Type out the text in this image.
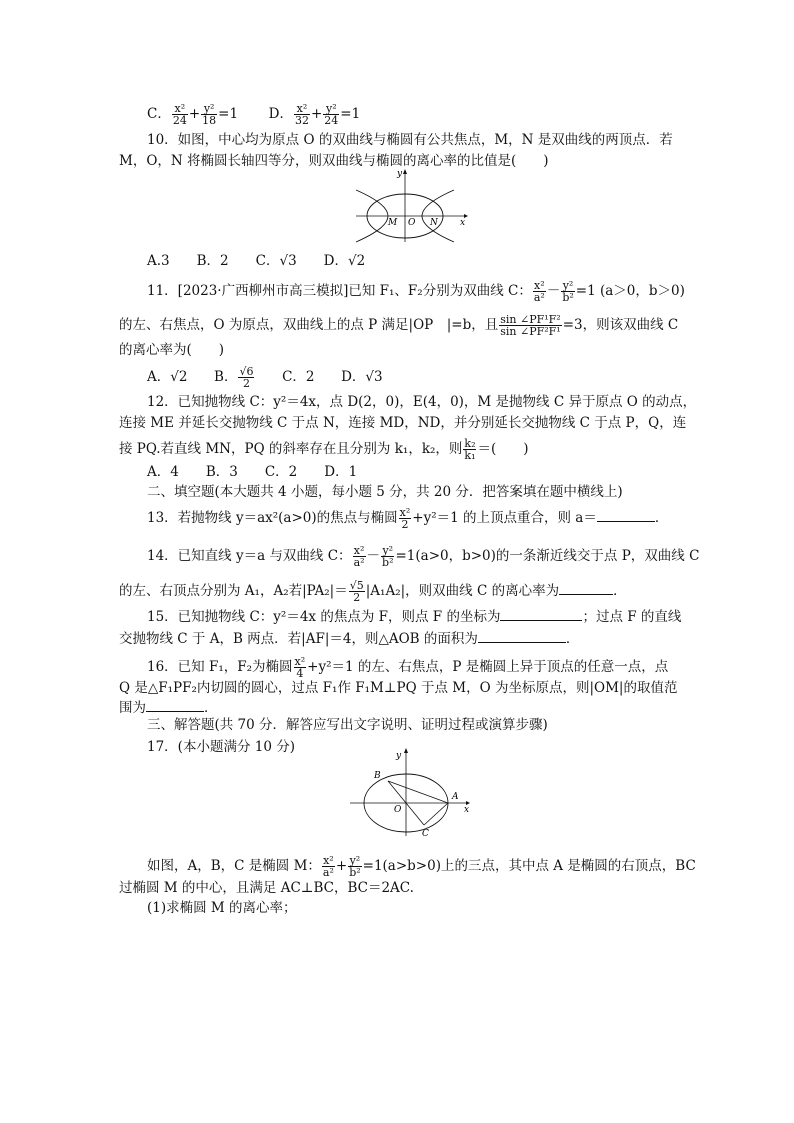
C． $\frac{\text{x²}}{24} + \frac{\text{y²}}{18} =1$ D． $\frac{\text{x²}}{32} + \frac{\text{y²}}{24} =1$
10．如图，中心均为原点 O 的双曲线与椭圆有公共焦点，M，N 是双曲线的两顶点．若
M，O，N 将椭圆长轴四等分，则双曲线与椭圆的离心率的比值是(　　)
y
x
M O N
A.3　　B．2　　C．√3　　D．√2
11．[2023·广西柳州市高三模拟]已知 F₁、F₂分别为双曲线 C： $\frac{\text{x²}}{\text{a²}} - \frac{\text{y²}}{\text{b²}} =1$ (a＞0，b＞0)
的左、右焦点，O 为原点，双曲线上的点 P 满足|OP　|=b，且 $\frac{\text{sin ∠PF¹F²}}{\text{sin ∠PF²F¹}} =3$，则该双曲线 C
的离心率为(　　)
A．√2 B． $\frac{√6}{2}$ C．2 D．√3
12．已知抛物线 C：y²＝4x，点 D(2，0)，E(4，0)，M 是抛物线 C 异于原点 O 的动点，
连接 ME 并延长交抛物线 C 于点 N，连接 MD，ND，并分别延长交抛物线 C 于点 P，Q，连
接 PQ.若直线 MN，PQ 的斜率存在且分别为 k₁，k₂，则 $\frac{\text{k₂}}{\text{k₁}}$ ＝(　　)
A．4　　B．3　　C．2　　D．1
二、填空题(本大题共 4 小题，每小题 5 分，共 20 分．把答案填在题中横线上)
13．若抛物线 y＝ax²(a>0)的焦点与椭圆 $\frac{\text{x²}}{2} +y^2=1$ 的上顶点重合，则 a＝	．
14．已知直线 y＝a 与双曲线 C： $\frac{\text{x²}}{\text{a²}} - \frac{\text{y²}}{\text{b²}} =1(a>0$，b>0)的一条渐近线交于点 P，双曲线 C
的左、右顶点分别为 A₁，A₂若$|PA_2|= \frac{√5}{2} |A_1A_2|$，则双曲线 C 的离心率为	．
15．已知抛物线 C：y²＝4x 的焦点为 F，则点 F 的坐标为	；过点 F 的直线
交抛物线 C 于 A，B 两点．若|AF|＝4，则△AOB 的面积为	．
16．已知 F₁，F₂为椭圆 $\frac{\text{x²}}{4} +y^2=1$ 的左、右焦点，P 是椭圆上异于顶点的任意一点，点
Q 是△F₁PF₂内切圆的圆心，过点 F₁作 F₁M⊥PQ 于点 M，O 为坐标原点，则|OM|的取值范
围为	．
三、解答题(共 70 分．解答应写出文字说明、证明过程或演算步骤)
17．(本小题满分 10 分)
y
x
B
A
O
C
如图，A，B，C 是椭圆 M： $\frac{\text{x²}}{\text{a²}} + \frac{\text{y²}}{\text{b²}} =1(a>b>0)$上的三点，其中点 A 是椭圆的右顶点，BC
过椭圆 M 的中心，且满足 AC⊥BC，BC＝2AC.
(1)求椭圆 M 的离心率；
